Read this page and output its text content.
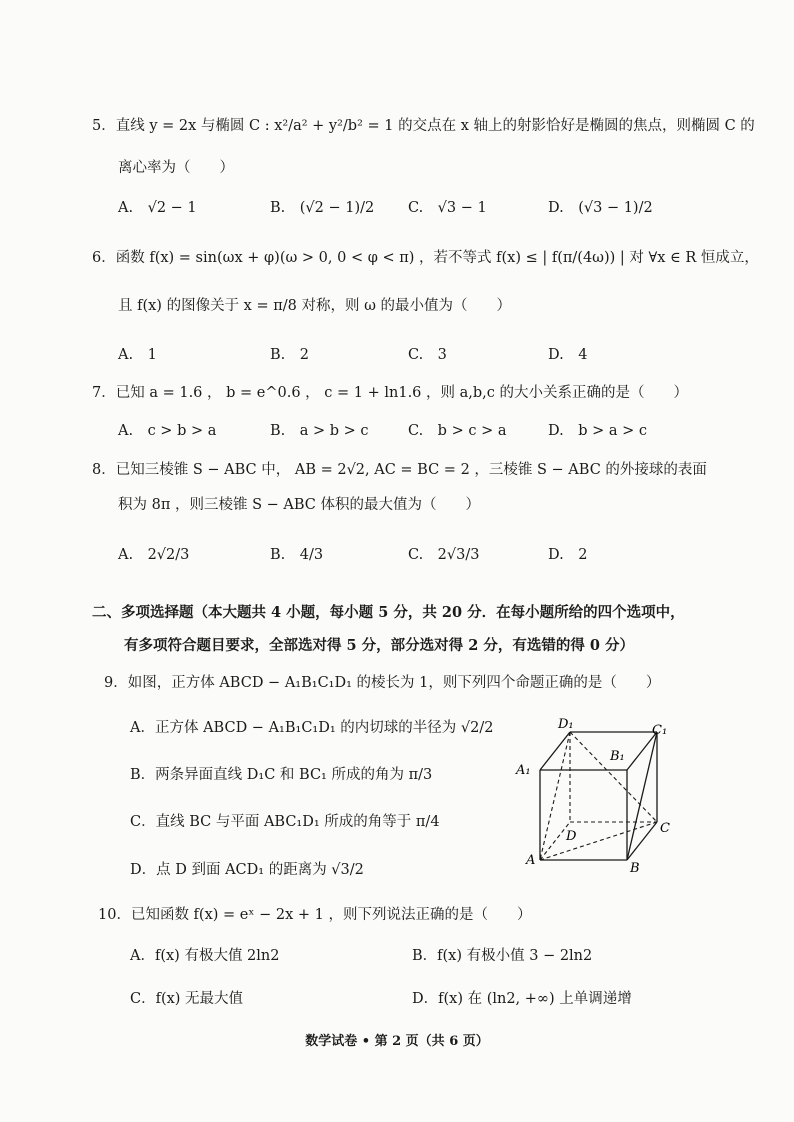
5．直线 y = 2x 与椭圆 C : x²/a² + y²/b² = 1 的交点在 x 轴上的射影恰好是椭圆的焦点，则椭圆 C 的
离心率为（　　）
A.　√2 − 1	B.　(√2 − 1)/2 C.　√3 − 1	D.　(√3 − 1)/2
6．函数 f(x) = sin(ωx + φ)(ω > 0, 0 < φ < π) ，若不等式 f(x) ≤ | f(π/(4ω)) | 对 ∀x ∈ R 恒成立，
且 f(x) 的图像关于 x = π/8 对称，则 ω 的最小值为（　　）
A.　1	B.　2	C.　3	D.　4
7．已知 a = 1.6 ， b = e^0.6 ， c = 1 + ln1.6 ，则 a,b,c 的大小关系正确的是（　　）
A.　c > b > a	B.　a > b > c	C.　b > c > a	D.　b > a > c
8．已知三棱锥 S − ABC 中， AB = 2√2, AC = BC = 2 ，三棱锥 S − ABC 的外接球的表面
积为 8π ，则三棱锥 S − ABC 体积的最大值为（　　）
A.　2√2/3	B.　4/3	C.　2√3/3	D.　2
二、多项选择题（本大题共 4 小题，每小题 5 分，共 20 分．在每小题所给的四个选项中，
有多项符合题目要求，全部选对得 5 分，部分选对得 2 分，有选错的得 0 分）
9．如图，正方体 ABCD − A₁B₁C₁D₁ 的棱长为 1，则下列四个命题正确的是（　　）
A．正方体 ABCD − A₁B₁C₁D₁ 的内切球的半径为 √2/2
B．两条异面直线 D₁C 和 BC₁ 所成的角为 π/3
C．直线 BC 与平面 ABC₁D₁ 所成的角等于 π/4
D．点 D 到面 ACD₁ 的距离为 √3/2
D₁	C₁
A₁
B₁
D
C
A
B
10．已知函数 f(x) = eˣ − 2x + 1 ，则下列说法正确的是（　　）
A．f(x) 有极大值 2ln2	B．f(x) 有极小值 3 − 2ln2
C．f(x) 无最大值	D．f(x) 在 (ln2, +∞) 上单调递增
数学试卷 • 第 2 页（共 6 页）
